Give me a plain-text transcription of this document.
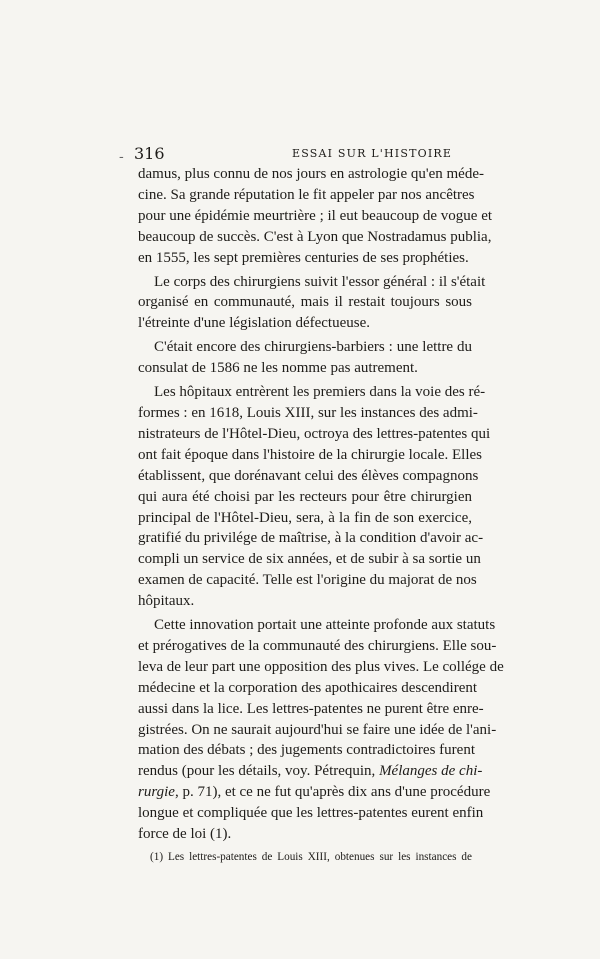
- 316	ESSAI SUR L'HISTOIRE
damus, plus connu de nos jours en astrologie qu'en méde-
cine. Sa grande réputation le fit appeler par nos ancêtres
pour une épidémie meurtrière ; il eut beaucoup de vogue et
beaucoup de succès. C'est à Lyon que Nostradamus publia,
en 1555, les sept premières centuries de ses prophéties.
Le corps des chirurgiens suivit l'essor général : il s'était
organisé en communauté, mais il restait toujours sous
l'étreinte d'une législation défectueuse.
C'était encore des chirurgiens-barbiers : une lettre du
consulat de 1586 ne les nomme pas autrement.
Les hôpitaux entrèrent les premiers dans la voie des ré-
formes : en 1618, Louis XIII, sur les instances des admi-
nistrateurs de l'Hôtel-Dieu, octroya des lettres-patentes qui
ont fait époque dans l'histoire de la chirurgie locale. Elles
établissent, que dorénavant celui des élèves compagnons
qui aura été choisi par les recteurs pour être chirurgien
principal de l'Hôtel-Dieu, sera, à la fin de son exercice,
gratifié du privilége de maîtrise, à la condition d'avoir ac-
compli un service de six années, et de subir à sa sortie un
examen de capacité. Telle est l'origine du majorat de nos
hôpitaux.
Cette innovation portait une atteinte profonde aux statuts
et prérogatives de la communauté des chirurgiens. Elle sou-
leva de leur part une opposition des plus vives. Le collége de
médecine et la corporation des apothicaires descendirent
aussi dans la lice. Les lettres-patentes ne purent être enre-
gistrées. On ne saurait aujourd'hui se faire une idée de l'ani-
mation des débats ; des jugements contradictoires furent
rendus (pour les détails, voy. Pétrequin, Mélanges de chi-
rurgie, p. 71), et ce ne fut qu'après dix ans d'une procédure
longue et compliquée que les lettres-patentes eurent enfin
force de loi (1).
(1) Les lettres-patentes de Louis XIII, obtenues sur les instances de
